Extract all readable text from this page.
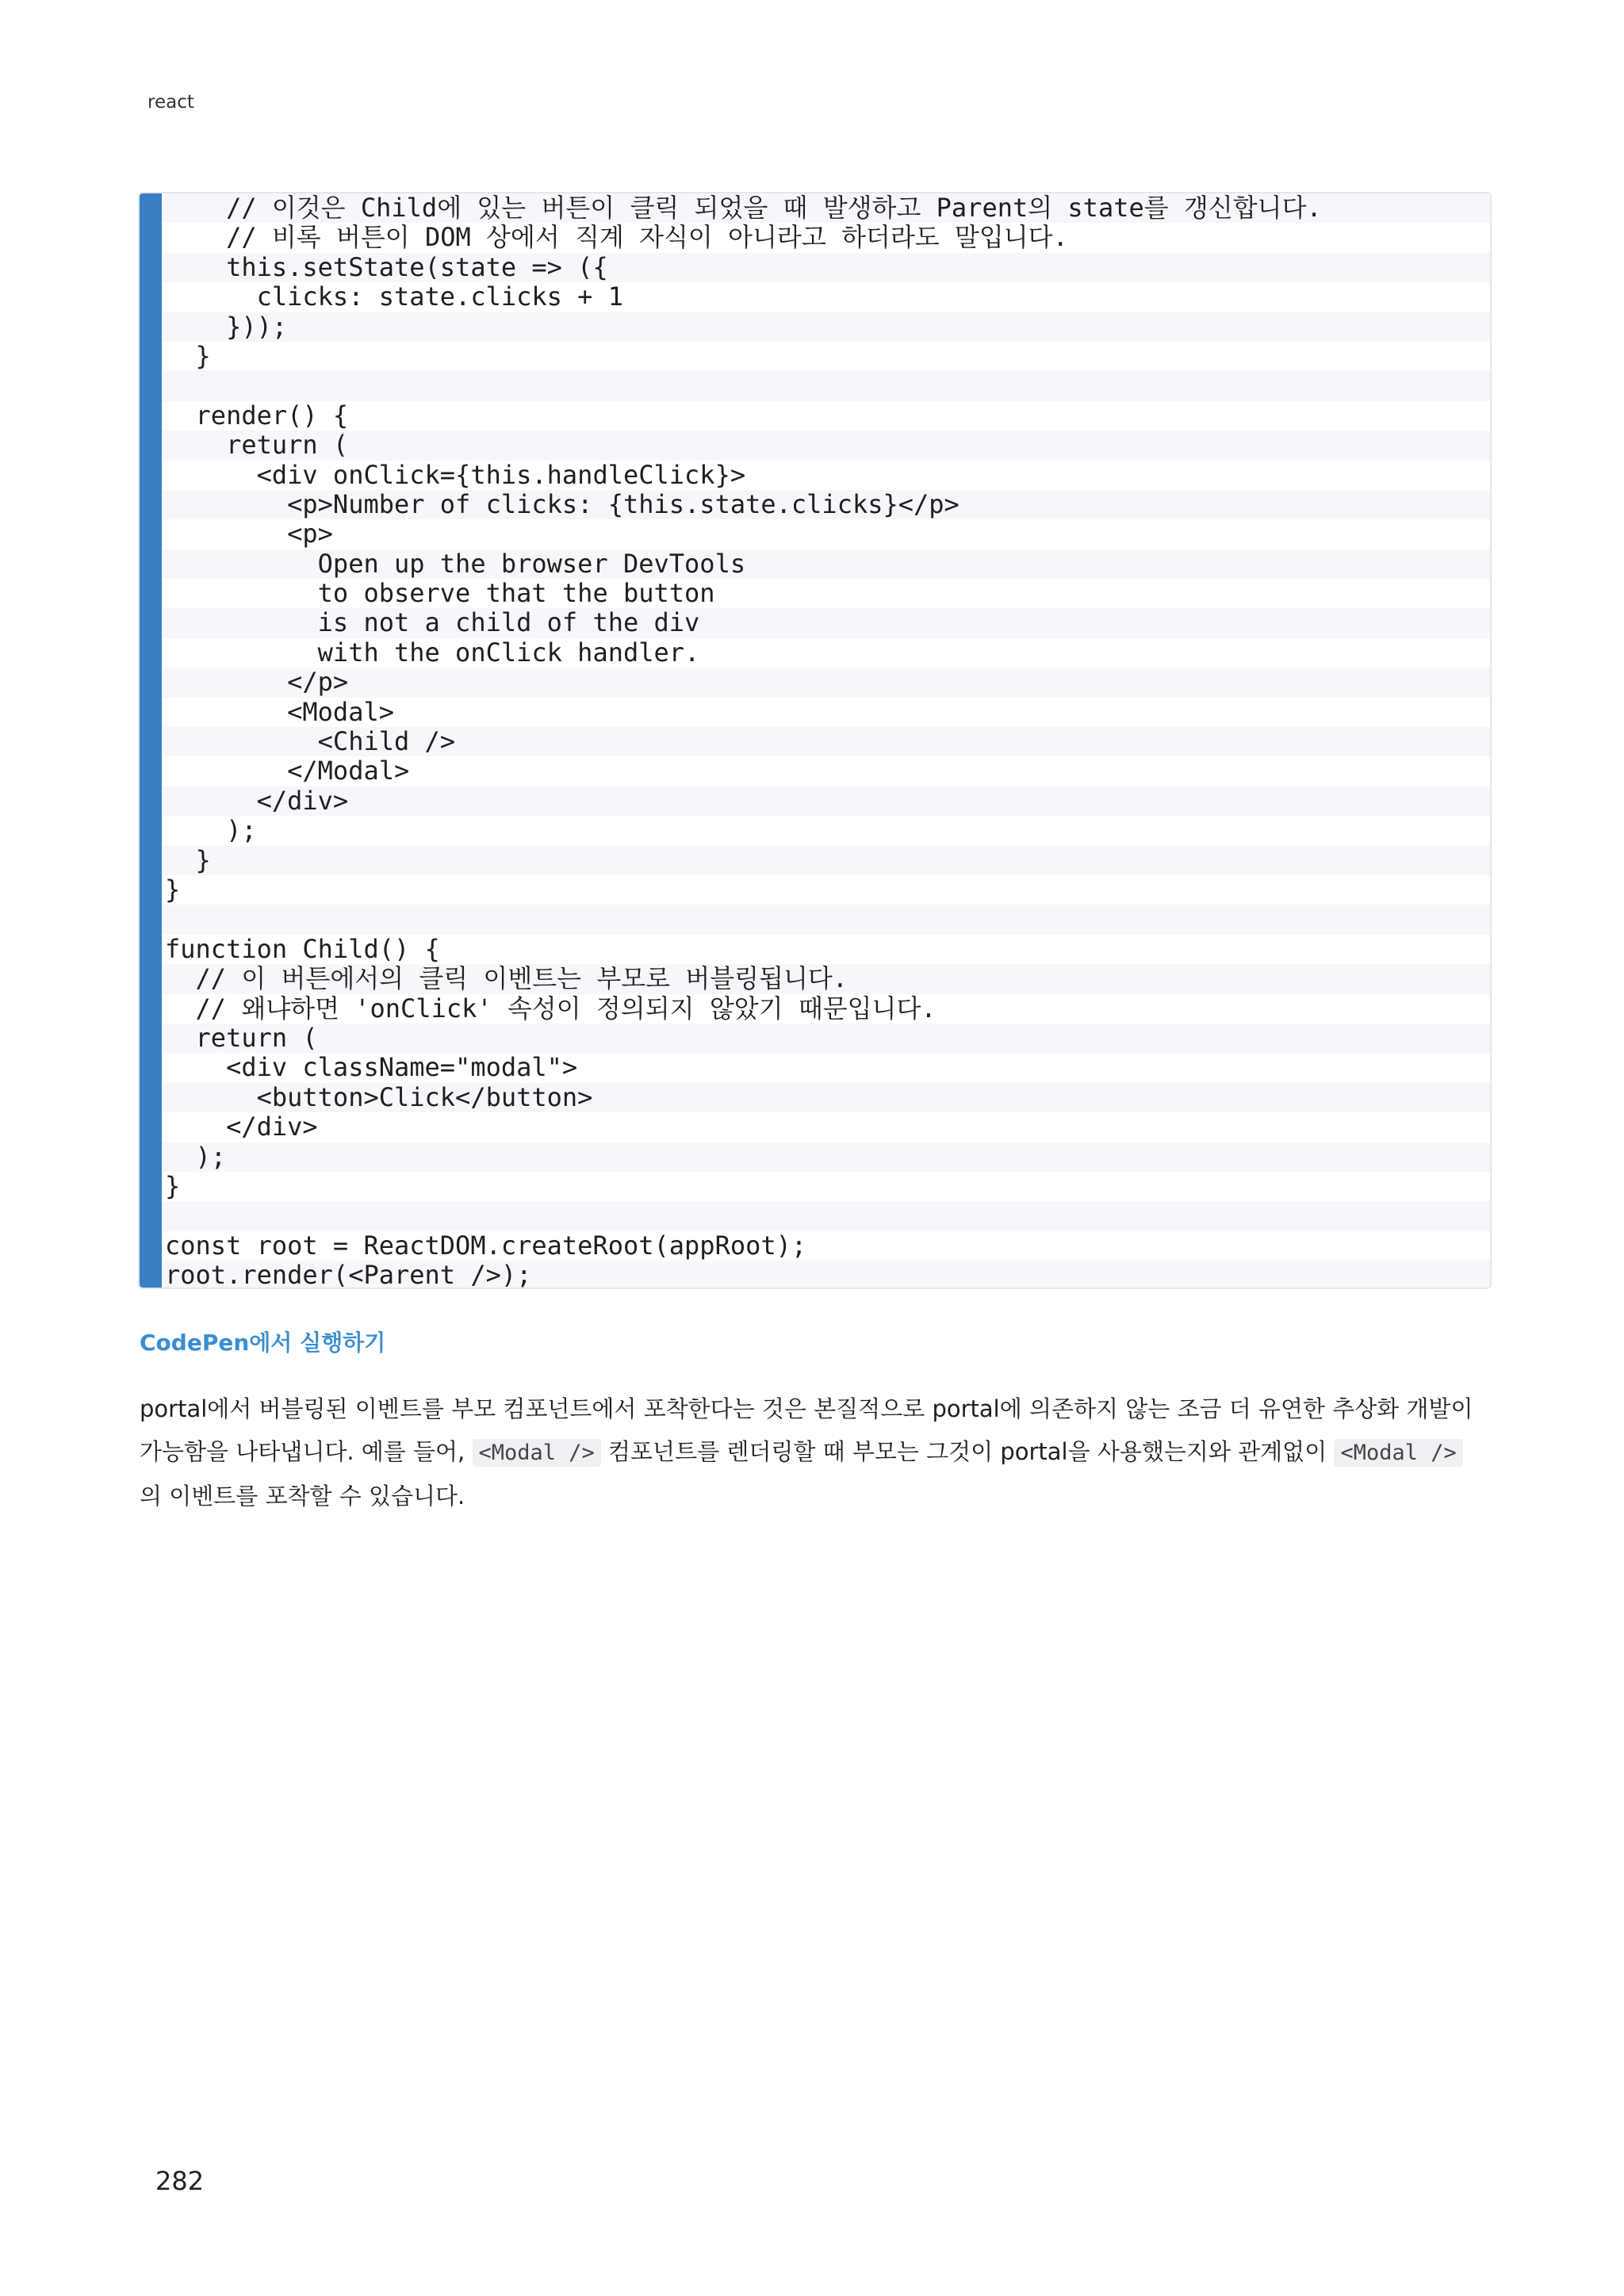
react
// 이것은 Child에 있는 버튼이 클릭 되었을 때 발생하고 Parent의 state를 갱신합니다.
// 비록 버튼이 DOM 상에서 직계 자식이 아니라고 하더라도 말입니다.
this.setState(state => ({
clicks: state.clicks + 1
}));
}
render() {
return (
<div onClick={this.handleClick}>
<p>Number of clicks: {this.state.clicks}</p>
<p>
Open up the browser DevTools
to observe that the button
is not a child of the div
with the onClick handler.
</p>
<Modal>
<Child />
</Modal>
</div>
);
}
}
function Child() {
// 이 버튼에서의 클릭 이벤트는 부모로 버블링됩니다.
// 왜냐하면 'onClick' 속성이 정의되지 않았기 때문입니다.
return (
<div className="modal">
<button>Click</button>
</div>
);
}
const root = ReactDOM.createRoot(appRoot);
root.render(<Parent />);
CodePen에서 실행하기
portal에서 버블링된 이벤트를 부모 컴포넌트에서 포착한다는 것은 본질적으로 portal에 의존하지 않는 조금 더 유연한 추상화 개발이 가능함을 나타냅니다. 예를 들어, <Modal /> 컴포넌트를 렌더링할 때 부모는 그것이 portal을 사용했는지와 관계없이 <Modal /> 의 이벤트를 포착할 수 있습니다.
282
